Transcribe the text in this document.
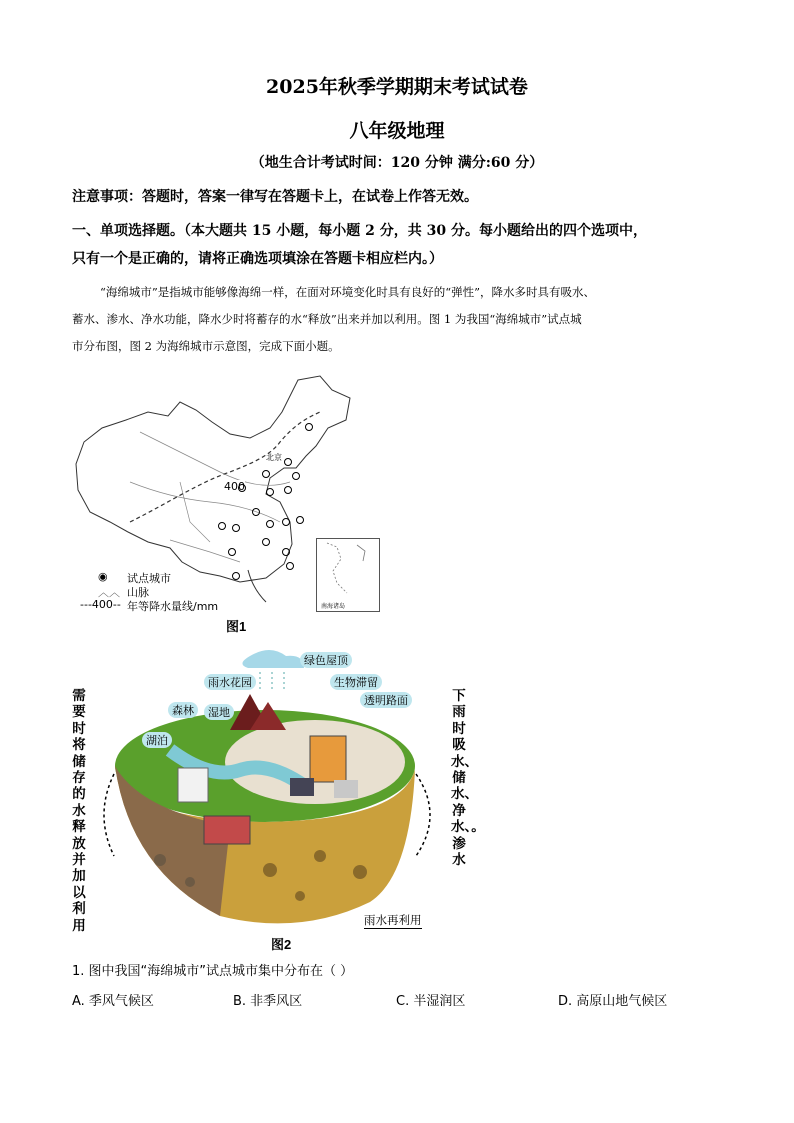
2025年秋季学期期末考试试卷
八年级地理
（地生合计考试时间：120 分钟 满分:60 分）
注意事项：答题时，答案一律写在答题卡上，在试卷上作答无效。
一、单项选择题。（本大题共 15 小题，每小题 2 分，共 30 分。每小题给出的四个选项中，
只有一个是正确的，请将正确选项填涂在答题卡相应栏内。）
“海绵城市”是指城市能够像海绵一样，在面对环境变化时具有良好的“弹性”，降水多时具有吸水、
蓄水、渗水、净水功能，降水少时将蓄存的水“释放”出来并加以利用。图 1 为我国“海绵城市”试点城
市分布图，图 2 为海绵城市示意图，完成下面小题。
南海诸岛
北京
400
◉ 试点城市
︿︿ 山脉
---400-- 年等降水量线/mm
图1
雨水花园
绿色屋顶
生物滞留
透明路面
森林	湿地
湖泊
雨水再利用
需要时将储存的水释放并加以利用
下雨时吸水、储水、净水、。渗水
图2
1. 图中我国“海绵城市”试点城市集中分布在（ ）
A. 季风气候区	B. 非季风区	C. 半湿润区	D. 高原山地气候区
